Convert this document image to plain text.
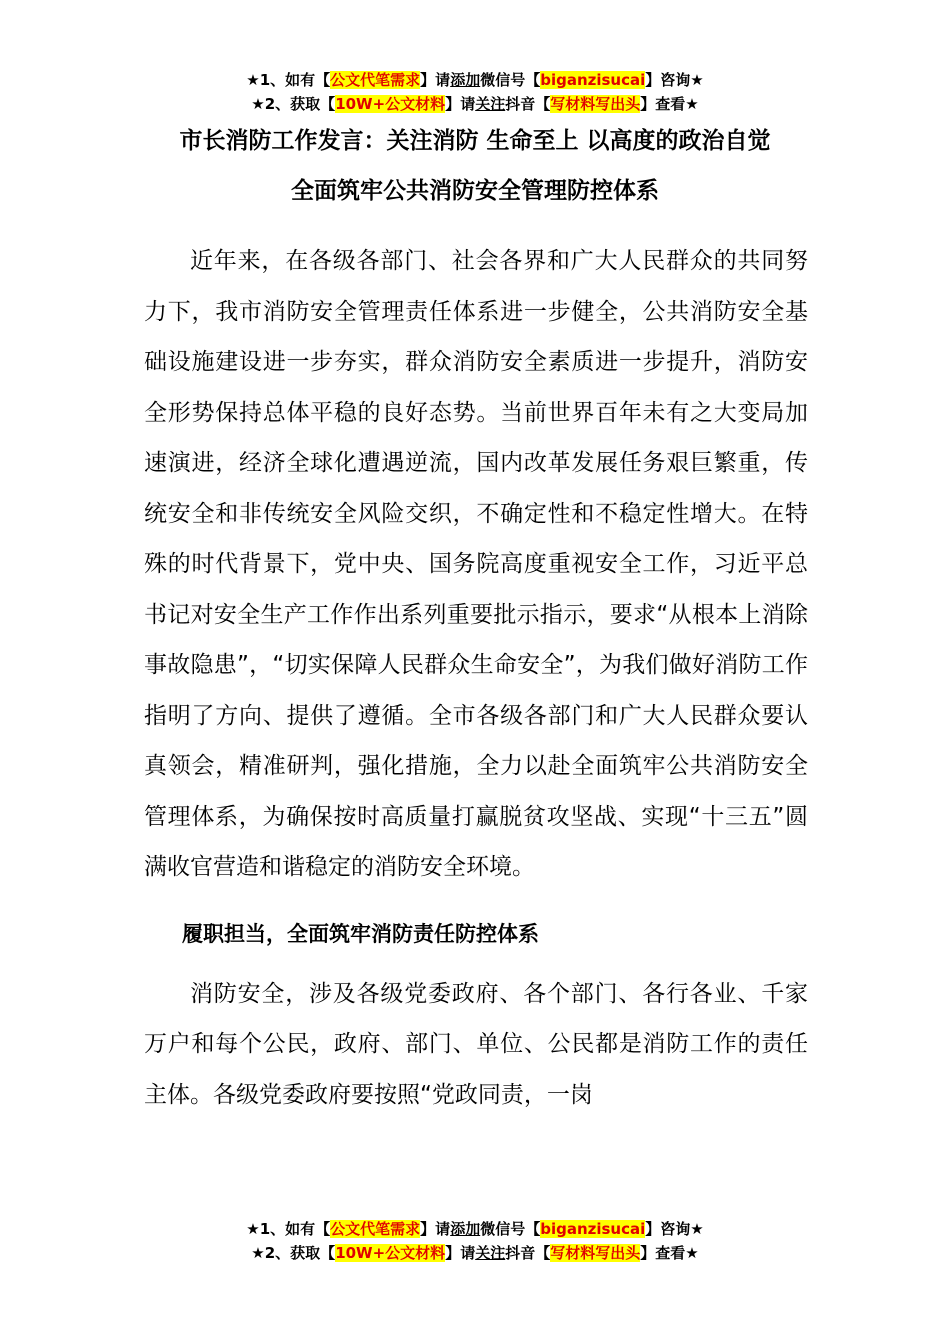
★1、如有【公文代笔需求】请添加微信号【biganzisucai】咨询★
★2、获取【10W+公文材料】请关注抖音【写材料写出头】查看★
市长消防工作发言：关注消防 生命至上 以高度的政治自觉
全面筑牢公共消防安全管理防控体系

近年来，在各级各部门、社会各界和广大人民群众的共同努力下，我市消防安全管理责任体系进一步健全，公共消防安全基础设施建设进一步夯实，群众消防安全素质进一步提升，消防安全形势保持总体平稳的良好态势。当前世界百年未有之大变局加速演进，经济全球化遭遇逆流，国内改革发展任务艰巨繁重，传统安全和非传统安全风险交织，不确定性和不稳定性增大。在特殊的时代背景下，党中央、国务院高度重视安全工作，习近平总书记对安全生产工作作出系列重要批示指示，要求“从根本上消除事故隐患”，“切实保障人民群众生命安全”，为我们做好消防工作指明了方向、提供了遵循。全市各级各部门和广大人民群众要认真领会，精准研判，强化措施，全力以赴全面筑牢公共消防安全管理体系，为确保按时高质量打赢脱贫攻坚战、实现“十三五”圆满收官营造和谐稳定的消防安全环境。

履职担当，全面筑牢消防责任防控体系

消防安全，涉及各级党委政府、各个部门、各行各业、千家万户和每个公民，政府、部门、单位、公民都是消防工作的责任主体。各级党委政府要按照“党政同责，一岗

★1、如有【公文代笔需求】请添加微信号【biganzisucai】咨询★
★2、获取【10W+公文材料】请关注抖音【写材料写出头】查看★
